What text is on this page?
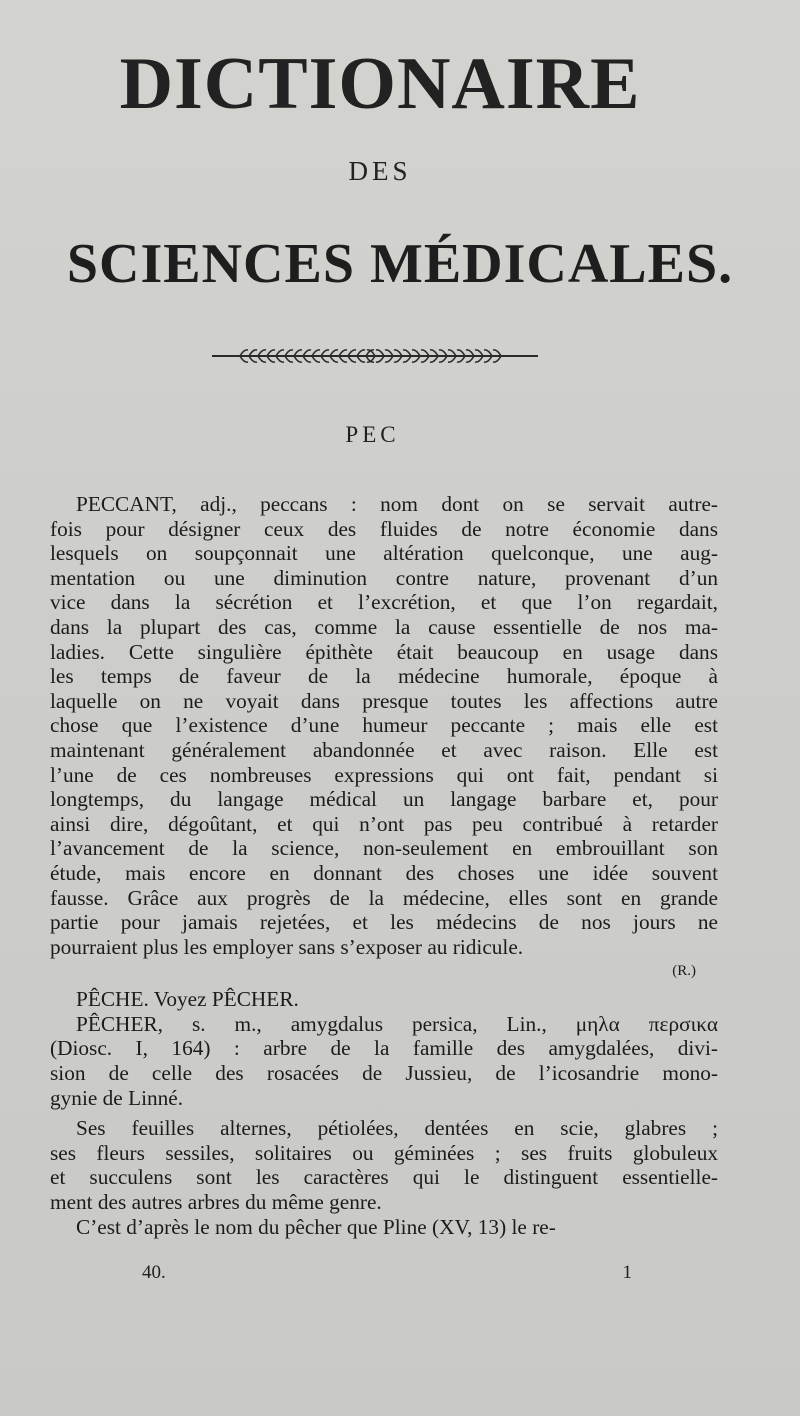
DICTIONAIRE
DES
SCIENCES MÉDICALES.
PEC
PECCANT, adj., peccans : nom dont on se servait autre-
fois pour désigner ceux des fluides de notre économie dans
lesquels on soupçonnait une altération quelconque, une aug-
mentation ou une diminution contre nature, provenant d’un
vice dans la sécrétion et l’excrétion, et que l’on regardait,
dans la plupart des cas, comme la cause essentielle de nos ma-
ladies. Cette singulière épithète était beaucoup en usage dans
les temps de faveur de la médecine humorale, époque à
laquelle on ne voyait dans presque toutes les affections autre
chose que l’existence d’une humeur peccante ; mais elle est
maintenant généralement abandonnée et avec raison. Elle est
l’une de ces nombreuses expressions qui ont fait, pendant si
longtemps, du langage médical un langage barbare et, pour
ainsi dire, dégoûtant, et qui n’ont pas peu contribué à retarder
l’avancement de la science, non-seulement en embrouillant son
étude, mais encore en donnant des choses une idée souvent
fausse. Grâce aux progrès de la médecine, elles sont en grande
partie pour jamais rejetées, et les médecins de nos jours ne
pourraient plus les employer sans s’exposer au ridicule.
(R.)
PÊCHE. Voyez PÊCHER.
PÊCHER, s. m., amygdalus persica, Lin., μηλα περσικα
(Diosc. I, 164) : arbre de la famille des amygdalées, divi-
sion de celle des rosacées de Jussieu, de l’icosandrie mono-
gynie de Linné.
Ses feuilles alternes, pétiolées, dentées en scie, glabres ;
ses fleurs sessiles, solitaires ou géminées ; ses fruits globuleux
et succulens sont les caractères qui le distinguent essentielle-
ment des autres arbres du même genre.
C’est d’après le nom du pêcher que Pline (XV, 13) le re-
40.	1
